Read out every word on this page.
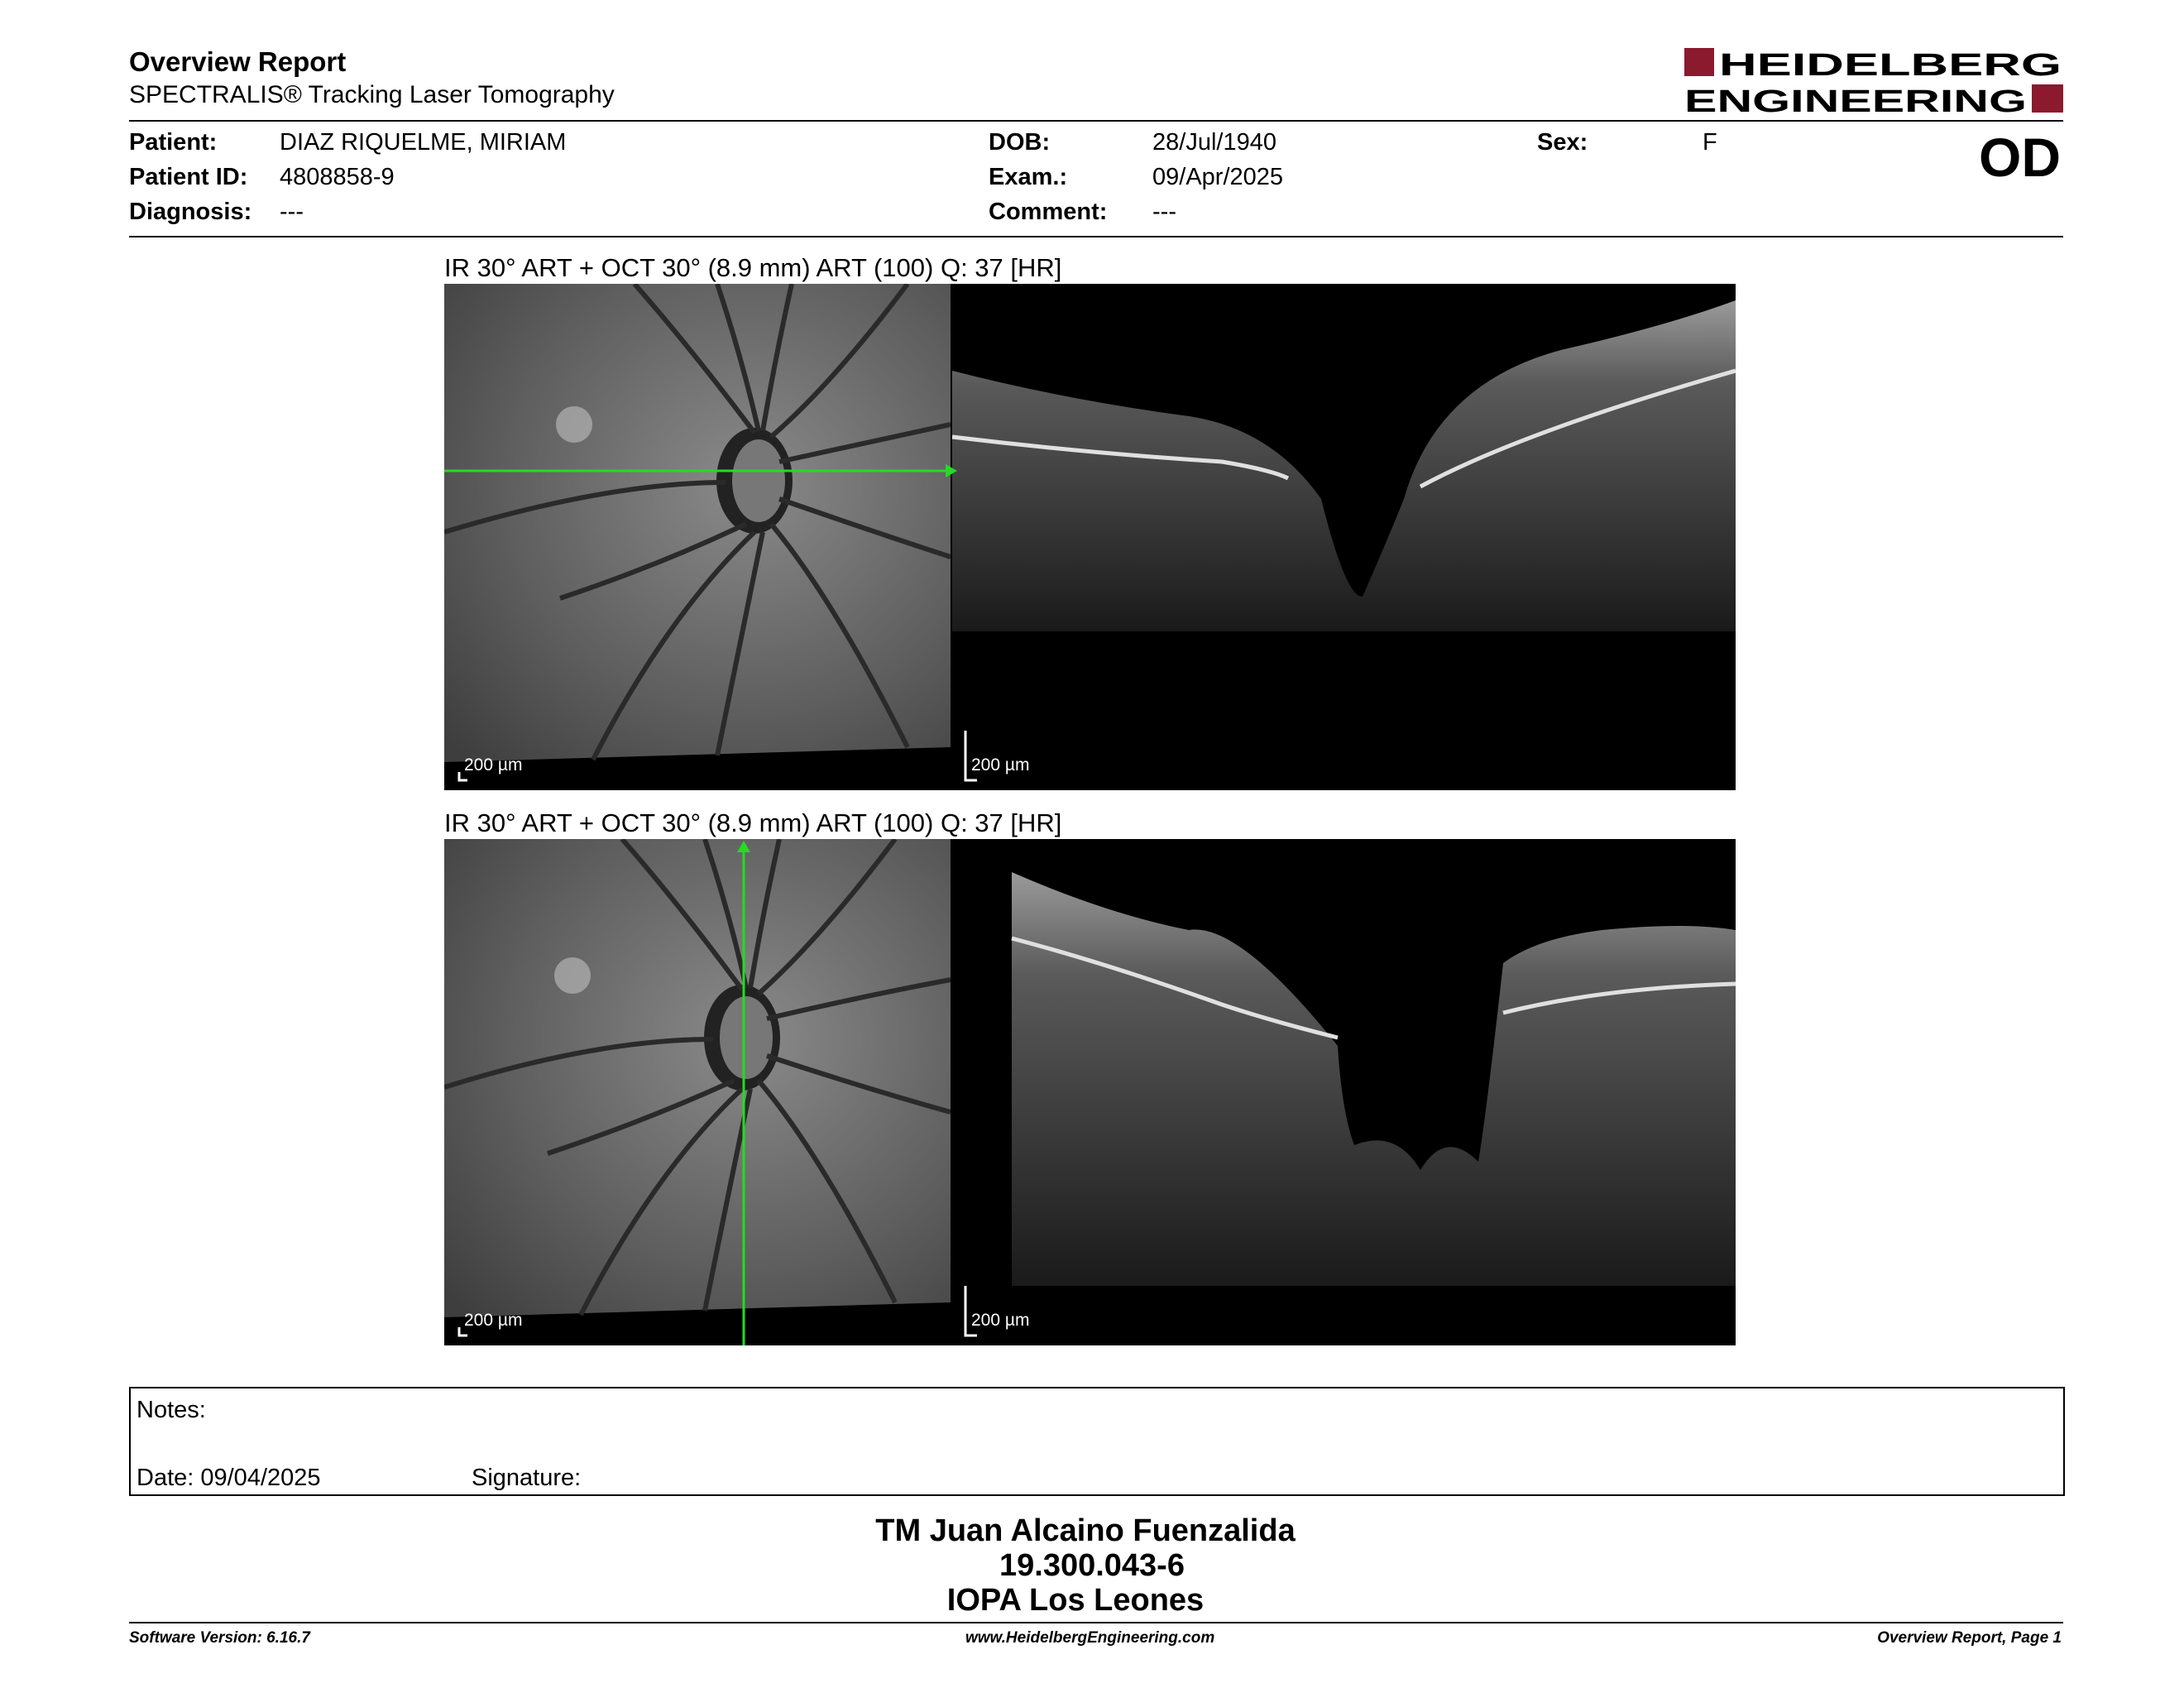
Overview Report
SPECTRALIS® Tracking Laser Tomography
HEIDELBERG
ENGINEERING
Patient:	DIAZ RIQUELME, MIRIAM
Patient ID: 4808858-9
Diagnosis: ---
DOB:	28/Jul/1940
Exam.:	09/Apr/2025
Comment: ---
Sex:	F	OD
IR 30° ART + OCT 30° (8.9 mm) ART (100) Q: 37 [HR]
200 µm	200 µm
IR 30° ART + OCT 30° (8.9 mm) ART (100) Q: 37 [HR]
200 µm	200 µm
Notes:
Date: 09/04/2025	Signature:
TM Juan Alcaino Fuenzalida
19.300.043-6
IOPA Los Leones
Software Version: 6.16.7	www.HeidelbergEngineering.com	Overview Report, Page 1
